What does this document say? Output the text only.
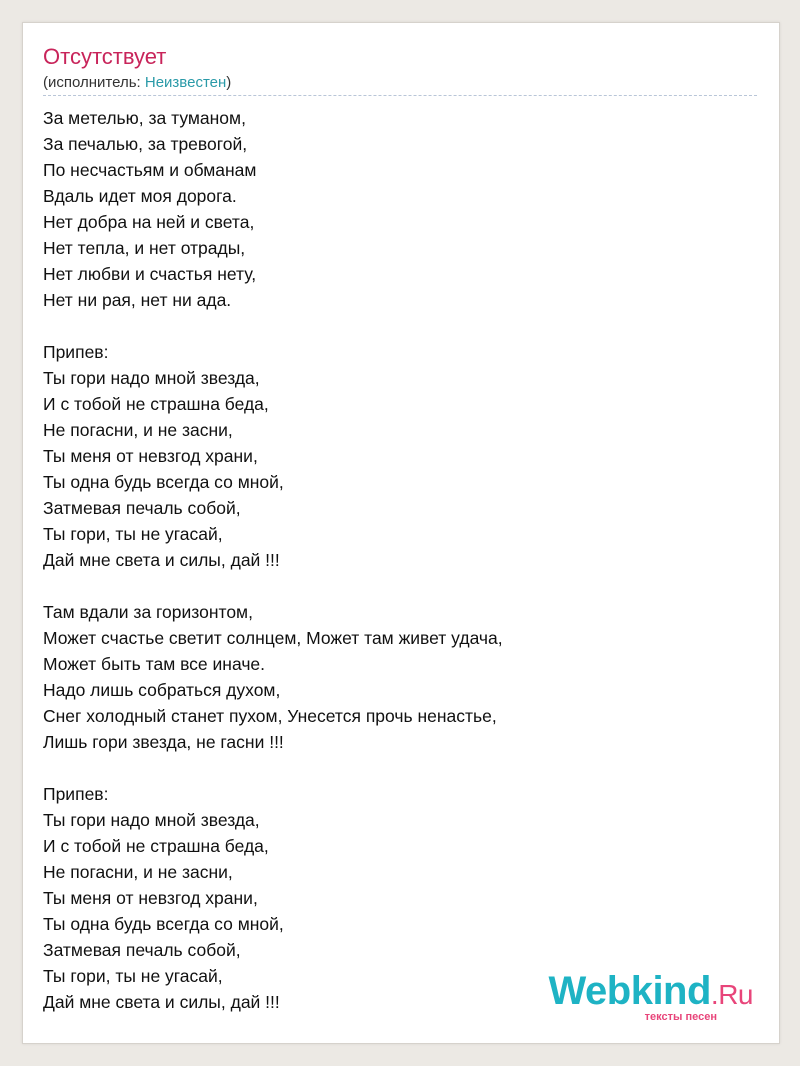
Отсутствует
(исполнитель: Неизвестен)
За метелью, за туманом,
За печалью, за тревогой,
По несчастьям и обманам
Вдаль идет моя дорога.
Нет добра на ней и света,
Нет тепла, и нет отрады,
Нет любви и счастья нету,
Нет ни рая, нет ни ада.

Припев:
Ты гори надо мной звезда,
И с тобой не страшна беда,
Не погасни, и не засни,
Ты меня от невзгод храни,
Ты одна будь всегда со мной,
Затмевая печаль собой,
Ты гори, ты не угасай,
Дай мне света и силы, дай !!!

Там вдали за горизонтом,
Может счастье светит солнцем, Может там живет удача,
Может быть там все иначе.
Надо лишь собраться духом,
Снег холодный станет пухом, Унесется прочь ненастье,
Лишь гори звезда, не гасни !!!

Припев:
Ты гори надо мной звезда,
И с тобой не страшна беда,
Не погасни, и не засни,
Ты меня от невзгод храни,
Ты одна будь всегда со мной,
Затмевая печаль собой,
Ты гори, ты не угасай,
Дай мне света и силы, дай !!!	Webkind.Ru
тексты песен
